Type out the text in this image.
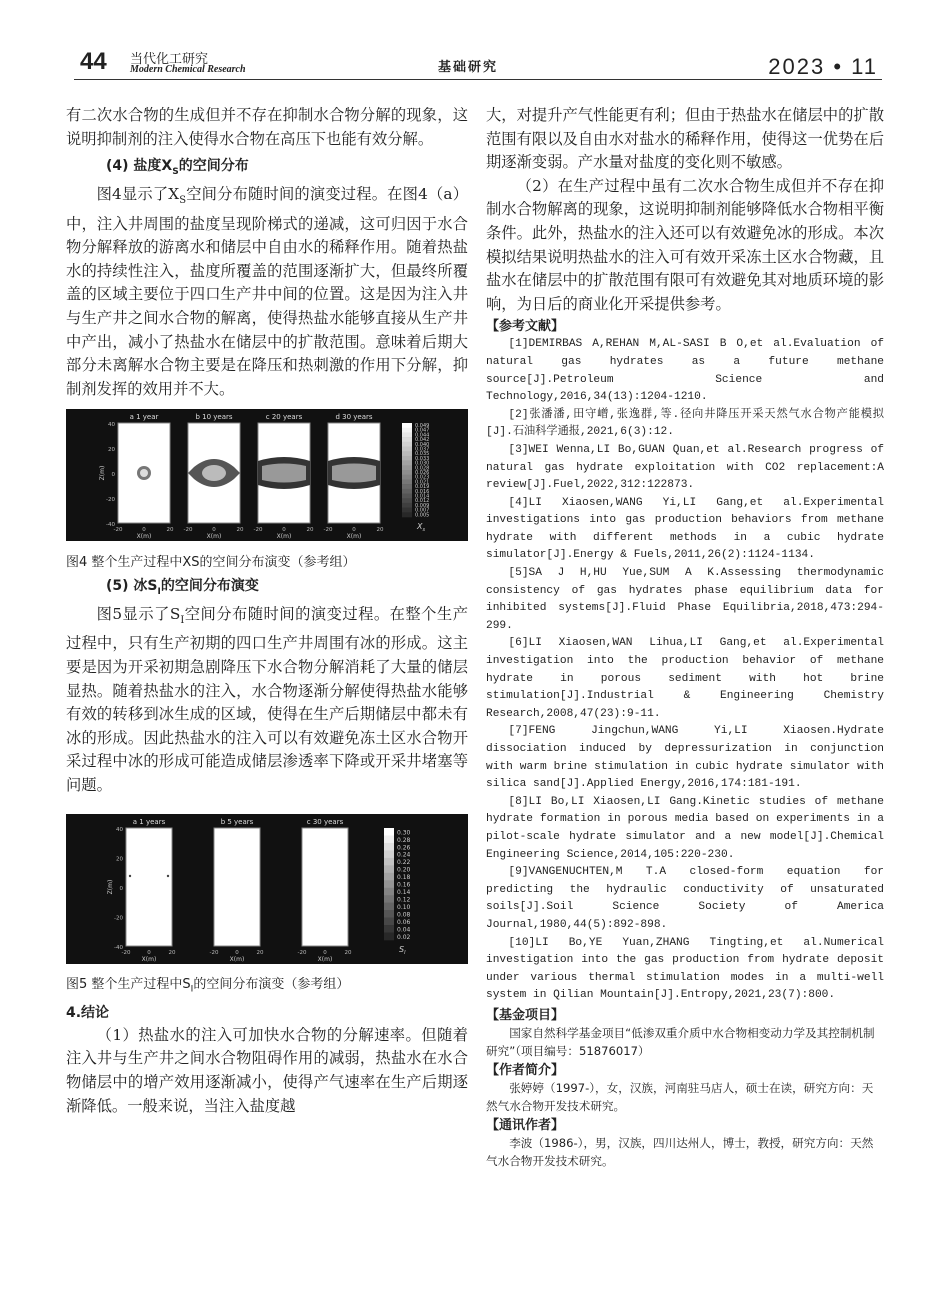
44 当代化工研究
Modern Chemical Research	基础研究	2023 • 11

有二次水合物的生成但并不存在抑制水合物分解的现象，这说明抑制剂的注入使得水合物在高压下也能有效分解。

(4) 盐度$X_S$的空间分布

图4显示了$X_S$空间分布随时间的演变过程。在图4（a）中，注入井周围的盐度呈现阶梯式的递减，这可归因于水合物分解释放的游离水和储层中自由水的稀释作用。随着热盐水的持续性注入，盐度所覆盖的范围逐渐扩大，但最终所覆盖的区域主要位于四口生产井中间的位置。这是因为注入井与生产井之间水合物的解离，使得热盐水能够直接从生产井中产出，减小了热盐水在储层中的扩散范围。意味着后期大部分未离解水合物主要是在降压和热刺激的作用下分解，抑制剂发挥的效用并不大。

a 1 year
-20	0	20
X(m)
b 10 years
-20	0	20
X(m)
c 20 years
-20	0	20
X(m)
d 30 years
-20	0	20
X(m)
40
20
0
-20
-40
Z(m)
0.049
0.047
0.044
0.042
0.040
0.037
0.035
0.033
0.030
0.028
0.026
0.023
0.021
0.019
0.016
0.014
0.012
0.009
0.007
0.005
$X_s$
图4 整个生产过程中XS的空间分布演变（参考组）
(5) 冰$S_I$的空间分布演变

图5显示了$S_I$空间分布随时间的演变过程。在整个生产过程中，只有生产初期的四口生产井周围有冰的形成。这主要是因为开采初期急剧降压下水合物分解消耗了大量的储层显热。随着热盐水的注入，水合物逐渐分解使得热盐水能够有效的转移到冰生成的区域，使得在生产后期储层中都未有冰的形成。因此热盐水的注入可以有效避免冻土区水合物开采过程中冰的形成可能造成储层渗透率下降或开采井堵塞等问题。

a 1 years
-20	0	20
X(m)
b 5 years
-20	0	20
X(m)
c 30 years
-20	0	20
X(m)
40
20
0
-20
-40
Z(m)
0.30
0.28
0.26
0.24
0.22
0.20
0.18
0.16
0.14
0.12
0.10
0.08
0.06
0.04
0.02
$S_I$
图5 整个生产过程中$S_I$的空间分布演变（参考组）
4.结论

（1）热盐水的注入可加快水合物的分解速率。但随着注入井与生产井之间水合物阻碍作用的减弱，热盐水在水合物储层中的增产效用逐渐减小，使得产气速率在生产后期逐渐降低。一般来说，当注入盐度越

大，对提升产气性能更有利；但由于热盐水在储层中的扩散范围有限以及自由水对盐水的稀释作用，使得这一优势在后期逐渐变弱。产水量对盐度的变化则不敏感。

（2）在生产过程中虽有二次水合物生成但并不存在抑制水合物解离的现象，这说明抑制剂能够降低水合物相平衡条件。此外，热盐水的注入还可以有效避免冰的形成。本次模拟结果说明热盐水的注入可有效开采冻土区水合物藏，且盐水在储层中的扩散范围有限可有效避免其对地质环境的影响，为日后的商业化开采提供参考。

【参考文献】
[1]DEMIRBAS A,REHAN M,AL-SASI B O,et al.Evaluation of natural gas hydrates as a future methane source[J].Petroleum Science and Technology,2016,34(13):1204-1210.
[2]张潘潘,田守嶒,张逸群,等.径向井降压开采天然气水合物产能模拟[J].石油科学通报,2021,6(3):12.
[3]WEI Wenna,LI Bo,GUAN Quan,et al.Research progress of natural gas hydrate exploitation with CO2 replacement:A review[J].Fuel,2022,312:122873.
[4]LI Xiaosen,WANG Yi,LI Gang,et al.Experimental investigations into gas production behaviors from methane hydrate with different methods in a cubic hydrate simulator[J].Energy & Fuels,2011,26(2):1124-1134.
[5]SA J H,HU Yue,SUM A K.Assessing thermodynamic consistency of gas hydrates phase equilibrium data for inhibited systems[J].Fluid Phase Equilibria,2018,473:294-299.
[6]LI Xiaosen,WAN Lihua,LI Gang,et al.Experimental investigation into the production behavior of methane hydrate in porous sediment with hot brine stimulation[J].Industrial & Engineering Chemistry Research,2008,47(23):9-11.
[7]FENG Jingchun,WANG Yi,LI Xiaosen.Hydrate dissociation induced by depressurization in conjunction with warm brine stimulation in cubic hydrate simulator with silica sand[J].Applied Energy,2016,174:181-191.
[8]LI Bo,LI Xiaosen,LI Gang.Kinetic studies of methane hydrate formation in porous media based on experiments in a pilot-scale hydrate simulator and a new model[J].Chemical Engineering Science,2014,105:220-230.
[9]VANGENUCHTEN,M T.A closed-form equation for predicting the hydraulic conductivity of unsaturated soils[J].Soil Science Society of America Journal,1980,44(5):892-898.
[10]LI Bo,YE Yuan,ZHANG Tingting,et al.Numerical investigation into the gas production from hydrate deposit under various thermal stimulation modes in a multi-well system in Qilian Mountain[J].Entropy,2021,23(7):800.
【基金项目】
国家自然科学基金项目“低渗双重介质中水合物相变动力学及其控制机制研究”（项目编号：51876017）
【作者简介】
张婷婷（1997-），女，汉族，河南驻马店人，硕士在读，研究方向：天然气水合物开发技术研究。
【通讯作者】
李波（1986-），男，汉族，四川达州人，博士，教授，研究方向：天然气水合物开发技术研究。
